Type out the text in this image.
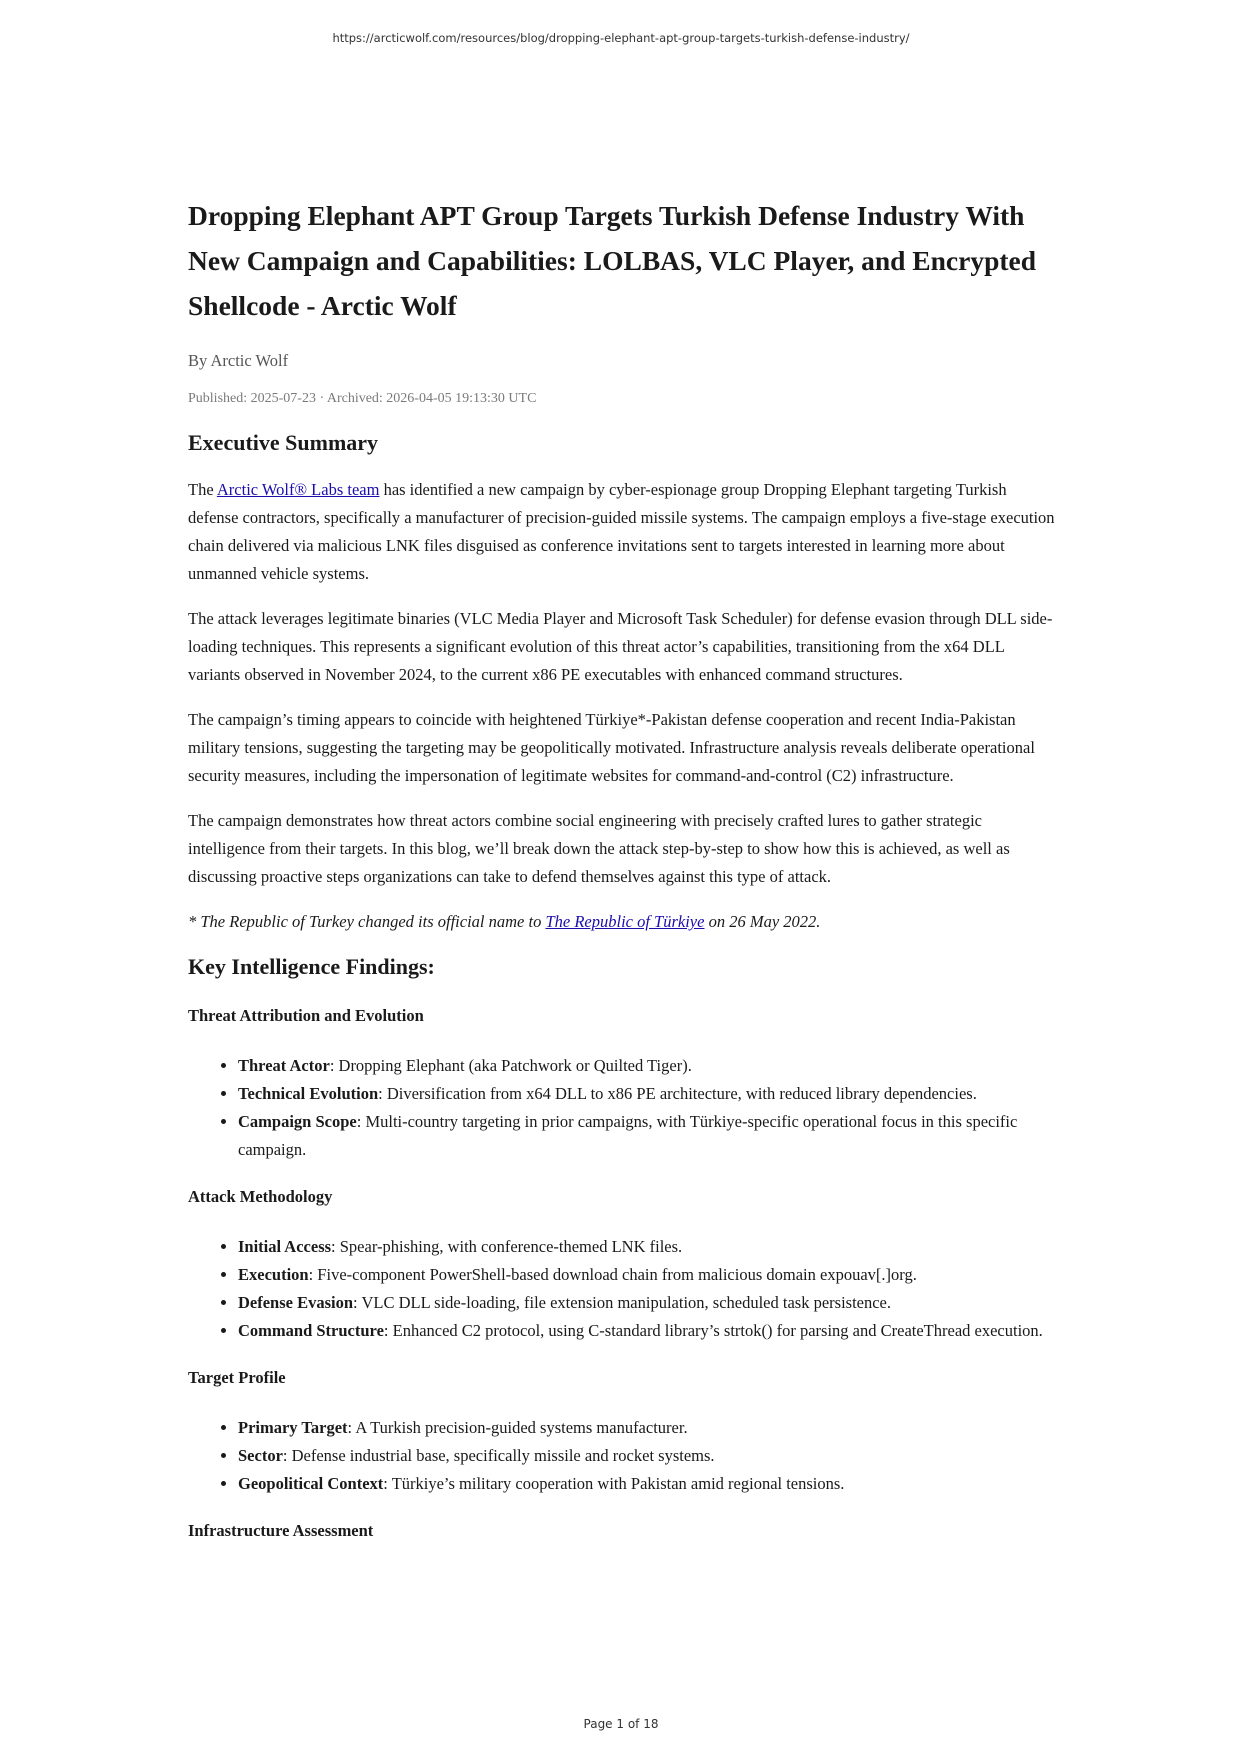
https://arcticwolf.com/resources/blog/dropping-elephant-apt-group-targets-turkish-defense-industry/
Dropping Elephant APT Group Targets Turkish Defense Industry With New Campaign and Capabilities: LOLBAS, VLC Player, and Encrypted Shellcode - Arctic Wolf
By Arctic Wolf
Published: 2025-07-23 · Archived: 2026-04-05 19:13:30 UTC
Executive Summary

The Arctic Wolf® Labs team has identified a new campaign by cyber-espionage group Dropping Elephant targeting Turkish defense contractors, specifically a manufacturer of precision-guided missile systems. The campaign employs a five-stage execution chain delivered via malicious LNK files disguised as conference invitations sent to targets interested in learning more about unmanned vehicle systems.

The attack leverages legitimate binaries (VLC Media Player and Microsoft Task Scheduler) for defense evasion through DLL side-loading techniques. This represents a significant evolution of this threat actor’s capabilities, transitioning from the x64 DLL variants observed in November 2024, to the current x86 PE executables with enhanced command structures.

The campaign’s timing appears to coincide with heightened Türkiye*-Pakistan defense cooperation and recent India-Pakistan military tensions, suggesting the targeting may be geopolitically motivated. Infrastructure analysis reveals deliberate operational security measures, including the impersonation of legitimate websites for command-and-control (C2) infrastructure.

The campaign demonstrates how threat actors combine social engineering with precisely crafted lures to gather strategic intelligence from their targets. In this blog, we’ll break down the attack step-by-step to show how this is achieved, as well as discussing proactive steps organizations can take to defend themselves against this type of attack.

* The Republic of Turkey changed its official name to The Republic of Türkiye on 26 May 2022.

Key Intelligence Findings:
Threat Attribution and Evolution
• Threat Actor: Dropping Elephant (aka Patchwork or Quilted Tiger).
• Technical Evolution: Diversification from x64 DLL to x86 PE architecture, with reduced library dependencies.
• Campaign Scope: Multi-country targeting in prior campaigns, with Türkiye-specific operational focus in this specific campaign.
Attack Methodology
• Initial Access: Spear-phishing, with conference-themed LNK files.
• Execution: Five-component PowerShell-based download chain from malicious domain expouav[.]org.
• Defense Evasion: VLC DLL side-loading, file extension manipulation, scheduled task persistence.
• Command Structure: Enhanced C2 protocol, using C-standard library’s strtok() for parsing and CreateThread execution.
Target Profile
• Primary Target: A Turkish precision-guided systems manufacturer.
• Sector: Defense industrial base, specifically missile and rocket systems.
• Geopolitical Context: Türkiye’s military cooperation with Pakistan amid regional tensions.
Infrastructure Assessment
Page 1 of 18
